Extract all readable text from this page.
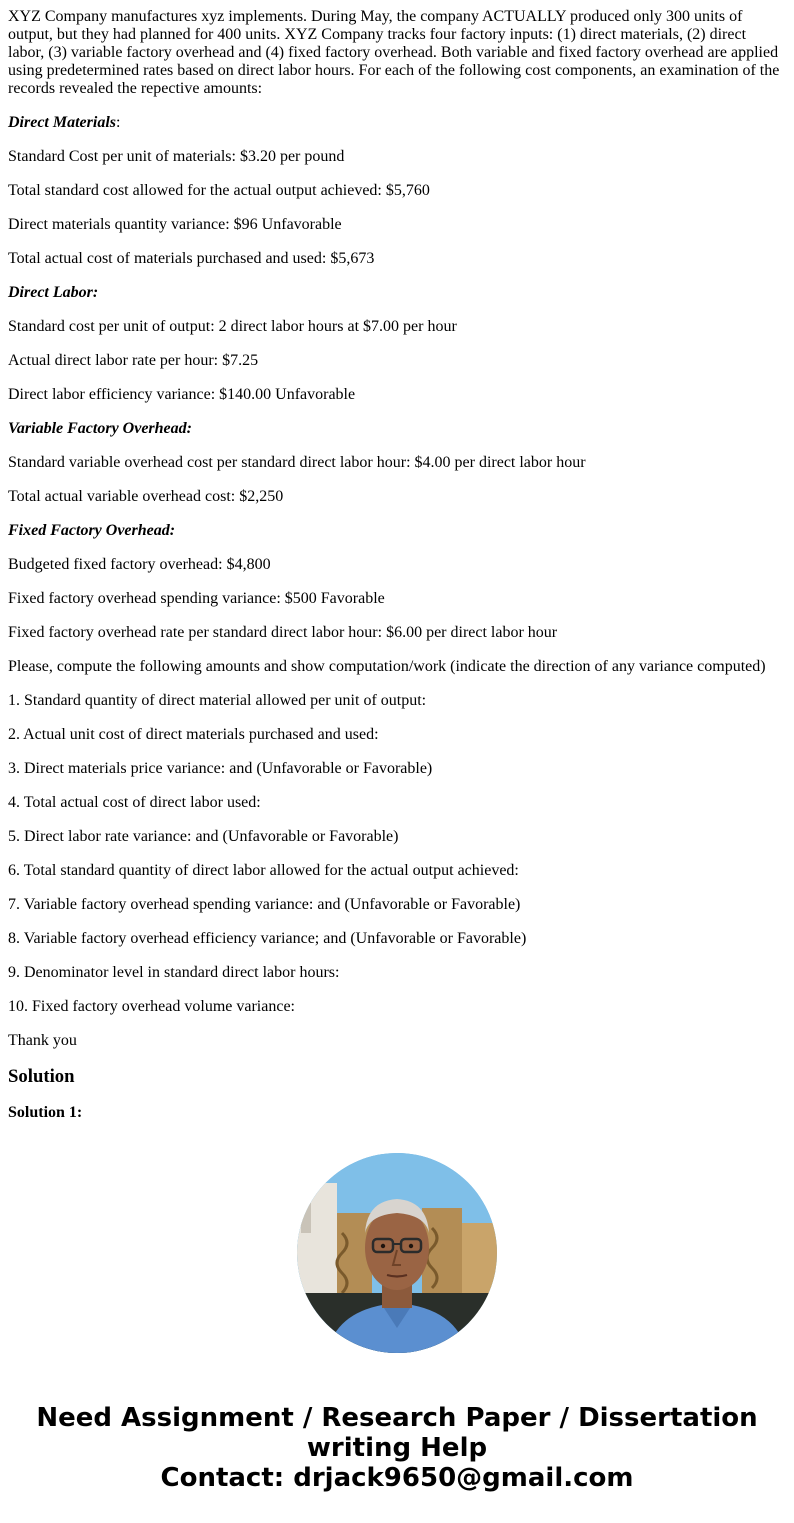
XYZ Company manufactures xyz implements. During May, the company ACTUALLY produced only 300 units of output, but they had planned for 400 units. XYZ Company tracks four factory inputs: (1) direct materials, (2) direct labor, (3) variable factory overhead and (4) fixed factory overhead. Both variable and fixed factory overhead are applied using predetermined rates based on direct labor hours. For each of the following cost components, an examination of the records revealed the repective amounts:

Direct Materials:

Standard Cost per unit of materials: $3.20 per pound

Total standard cost allowed for the actual output achieved: $5,760

Direct materials quantity variance: $96 Unfavorable

Total actual cost of materials purchased and used: $5,673

Direct Labor:

Standard cost per unit of output: 2 direct labor hours at $7.00 per hour

Actual direct labor rate per hour: $7.25

Direct labor efficiency variance: $140.00 Unfavorable

Variable Factory Overhead:

Standard variable overhead cost per standard direct labor hour: $4.00 per direct labor hour

Total actual variable overhead cost: $2,250

Fixed Factory Overhead:

Budgeted fixed factory overhead: $4,800

Fixed factory overhead spending variance: $500 Favorable

Fixed factory overhead rate per standard direct labor hour: $6.00 per direct labor hour

Please, compute the following amounts and show computation/work (indicate the direction of any variance computed)

1. Standard quantity of direct material allowed per unit of output:

2. Actual unit cost of direct materials purchased and used:

3. Direct materials price variance: and (Unfavorable or Favorable)

4. Total actual cost of direct labor used:

5. Direct labor rate variance: and (Unfavorable or Favorable)

6. Total standard quantity of direct labor allowed for the actual output achieved:

7. Variable factory overhead spending variance: and (Unfavorable or Favorable)

8. Variable factory overhead efficiency variance; and (Unfavorable or Favorable)

9. Denominator level in standard direct labor hours:

10. Fixed factory overhead volume variance:

Thank you

Solution
Solution 1:
Need Assignment / Research Paper / Dissertation
writing Help
Contact: drjack9650@gmail.com
